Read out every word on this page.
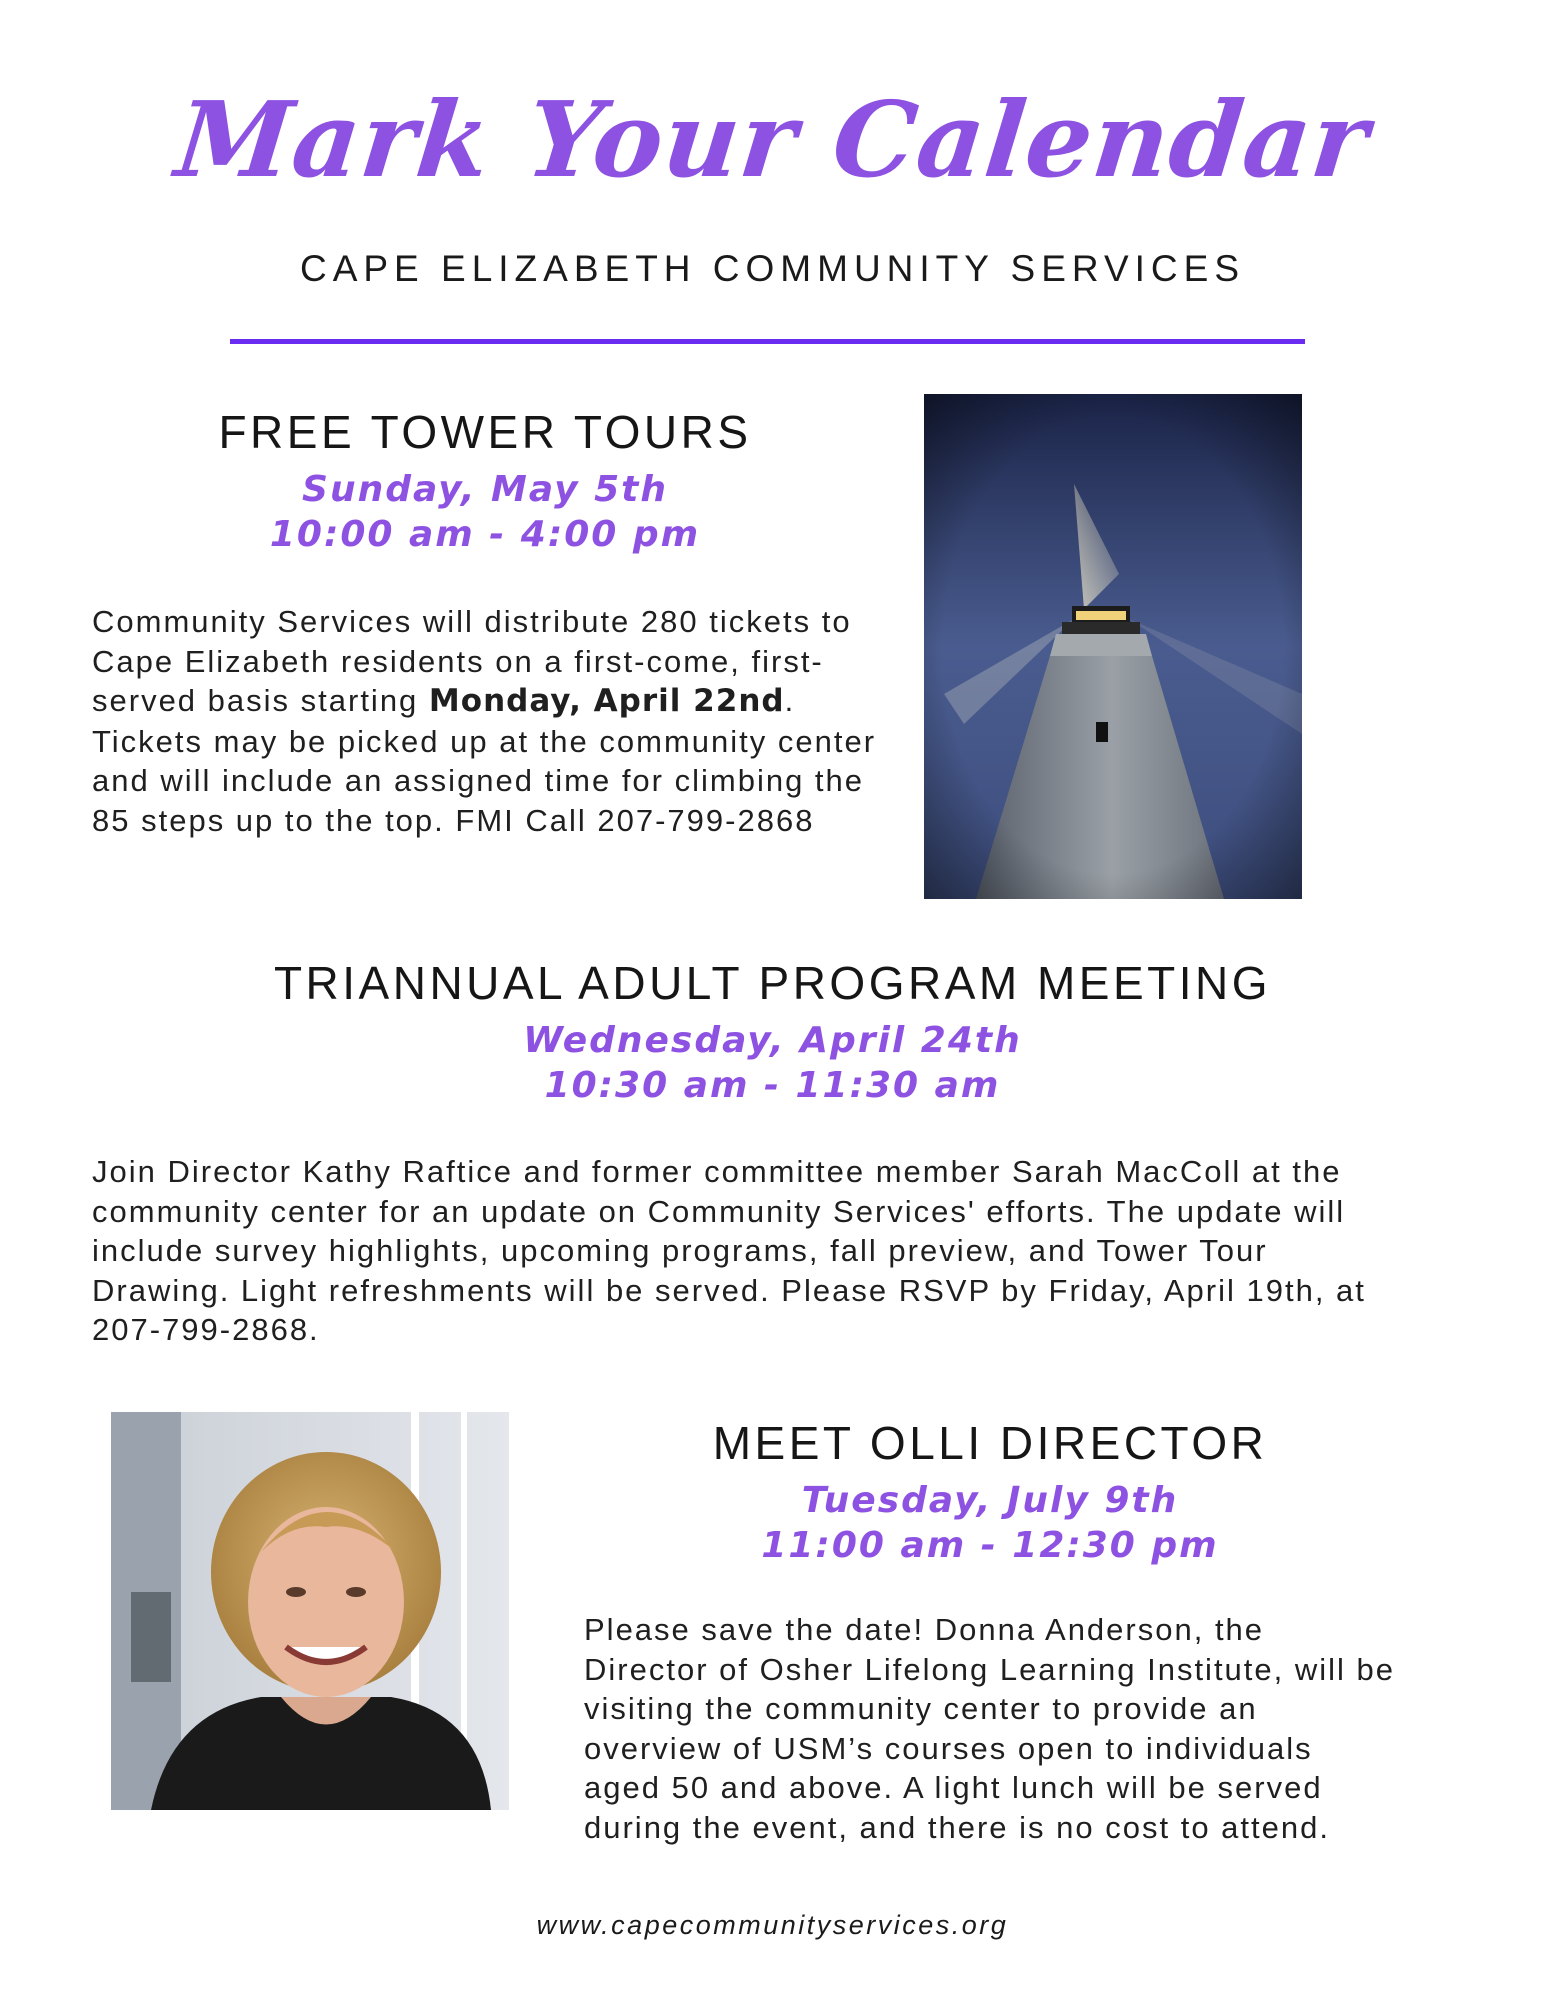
Mark Your Calendar
CAPE ELIZABETH COMMUNITY SERVICES
FREE TOWER TOURS
Sunday, May 5th
10:00 am - 4:00 pm
Community Services will distribute 280 tickets to Cape Elizabeth residents on a first-come, first-served basis starting Monday, April 22nd. Tickets may be picked up at the community center and will include an assigned time for climbing the 85 steps up to the top. FMI Call 207-799-2868
TRIANNUAL ADULT PROGRAM MEETING
Wednesday, April 24th
10:30 am - 11:30 am
Join Director Kathy Raftice and former committee member Sarah MacColl at the community center for an update on Community Services' efforts. The update will include survey highlights, upcoming programs, fall preview, and Tower Tour Drawing. Light refreshments will be served. Please RSVP by Friday, April 19th, at 207-799-2868.
MEET OLLI DIRECTOR
Tuesday, July 9th
11:00 am - 12:30 pm
Please save the date! Donna Anderson, the Director of Osher Lifelong Learning Institute, will be visiting the community center to provide an overview of USM’s courses open to individuals aged 50 and above. A light lunch will be served during the event, and there is no cost to attend.
www.capecommunityservices.org
